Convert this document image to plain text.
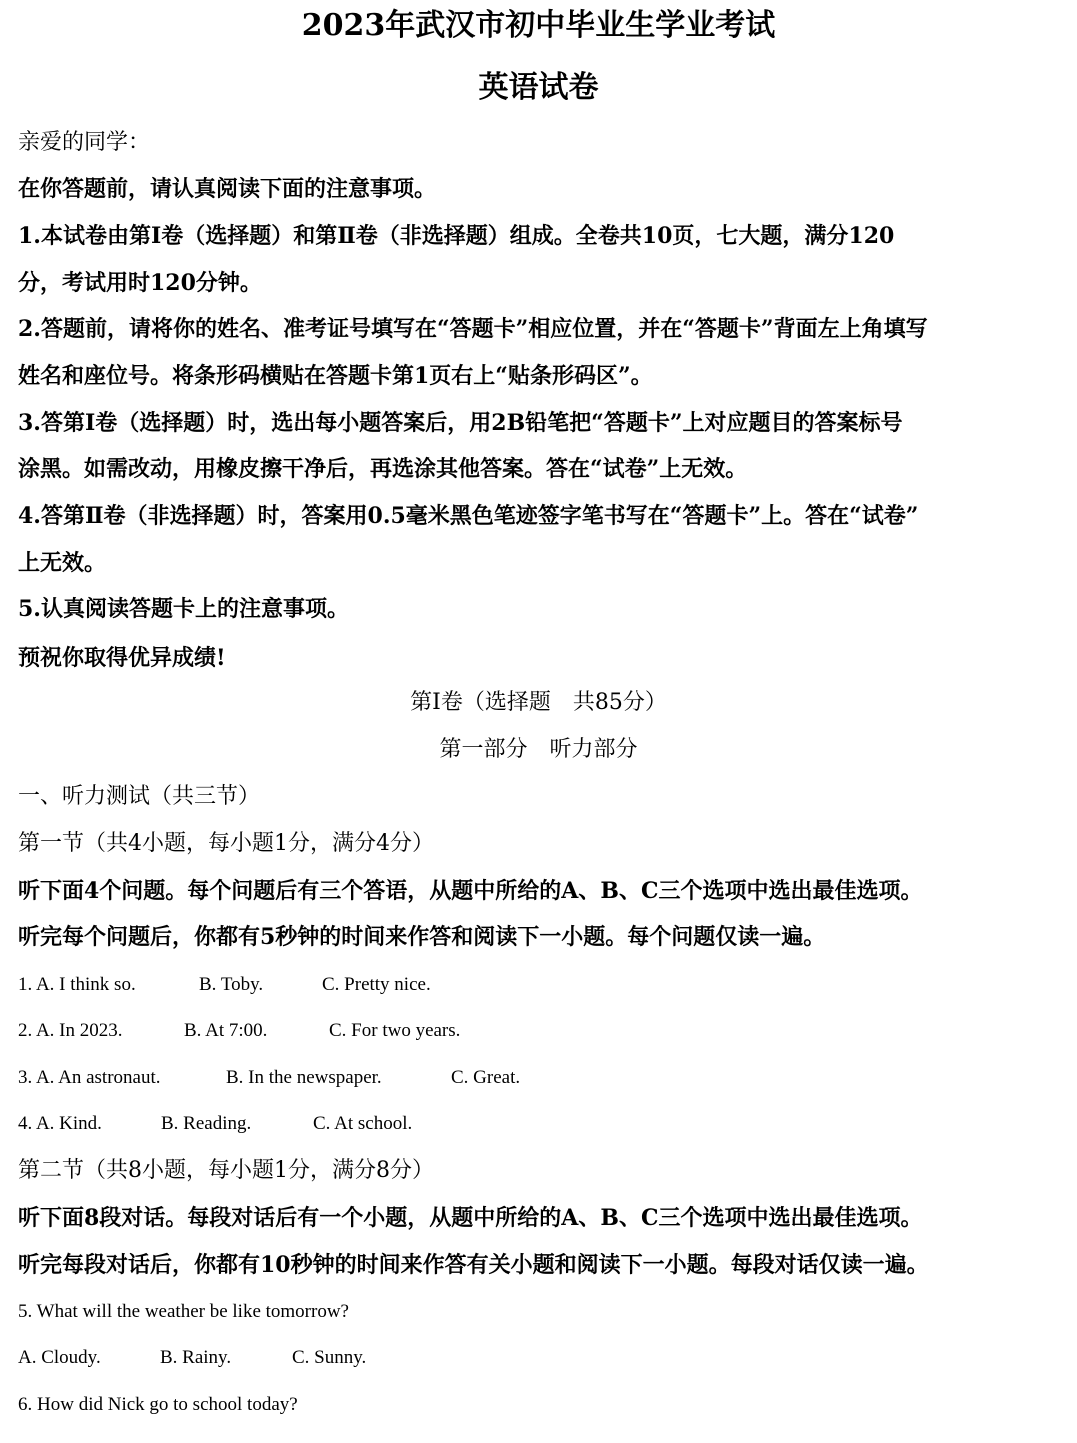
2023年武汉市初中毕业生学业考试
英语试卷

亲爱的同学：

在你答题前，请认真阅读下面的注意事项。

1.本试卷由第Ⅰ卷（选择题）和第Ⅱ卷（非选择题）组成。全卷共10页，七大题，满分120

分，考试用时120分钟。

2.答题前，请将你的姓名、准考证号填写在“答题卡”相应位置，并在“答题卡”背面左上角填写

姓名和座位号。将条形码横贴在答题卡第1页右上“贴条形码区”。

3.答第Ⅰ卷（选择题）时，选出每小题答案后，用2B铅笔把“答题卡”上对应题目的答案标号

涂黑。如需改动，用橡皮擦干净后，再选涂其他答案。答在“试卷”上无效。

4.答第Ⅱ卷（非选择题）时，答案用0.5毫米黑色笔迹签字笔书写在“答题卡”上。答在“试卷”

上无效。

5.认真阅读答题卡上的注意事项。

预祝你取得优异成绩!

第Ⅰ卷（选择题　共85分）

第一部分　听力部分

一、听力测试（共三节）

第一节（共4小题，每小题1分，满分4分）

听下面4个问题。每个问题后有三个答语，从题中所给的A、B、C三个选项中选出最佳选项。

听完每个问题后，你都有5秒钟的时间来作答和阅读下一小题。每个问题仅读一遍。

1. A. I think so.	B. Toby.	C. Pretty nice.

2. A. In 2023.	B. At 7:00.	C. For two years.

3. A. An astronaut.	B. In the newspaper.	C. Great.

4. A. Kind.	B. Reading.	C. At school.

第二节（共8小题，每小题1分，满分8分）

听下面8段对话。每段对话后有一个小题，从题中所给的A、B、C三个选项中选出最佳选项。

听完每段对话后，你都有10秒钟的时间来作答有关小题和阅读下一小题。每段对话仅读一遍。

5. What will the weather be like tomorrow?

A. Cloudy.	B. Rainy.	C. Sunny.

6. How did Nick go to school today?
